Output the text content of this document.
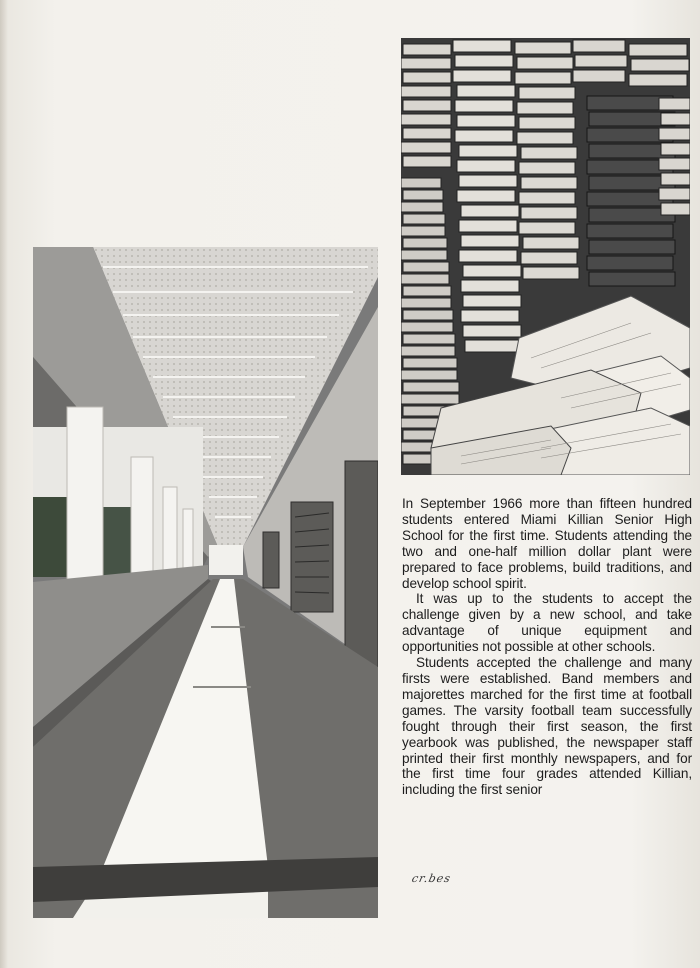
In September 1966 more than fifteen hundred students entered Miami Killian Senior High School for the first time. Students attending the two and one-half million dollar plant were prepared to face problems, build traditions, and develop school spirit.

It was up to the students to accept the challenge given by a new school, and take advantage of unique equipment and opportunities not possible at other schools.

Students accepted the challenge and many firsts were established. Band members and majorettes marched for the first time at football games. The varsity football team successfully fought through their first season, the first yearbook was published, the newspaper staff printed their first monthly newspapers, and for the first time four grades attended Killian, including the first senior

cr.bes
